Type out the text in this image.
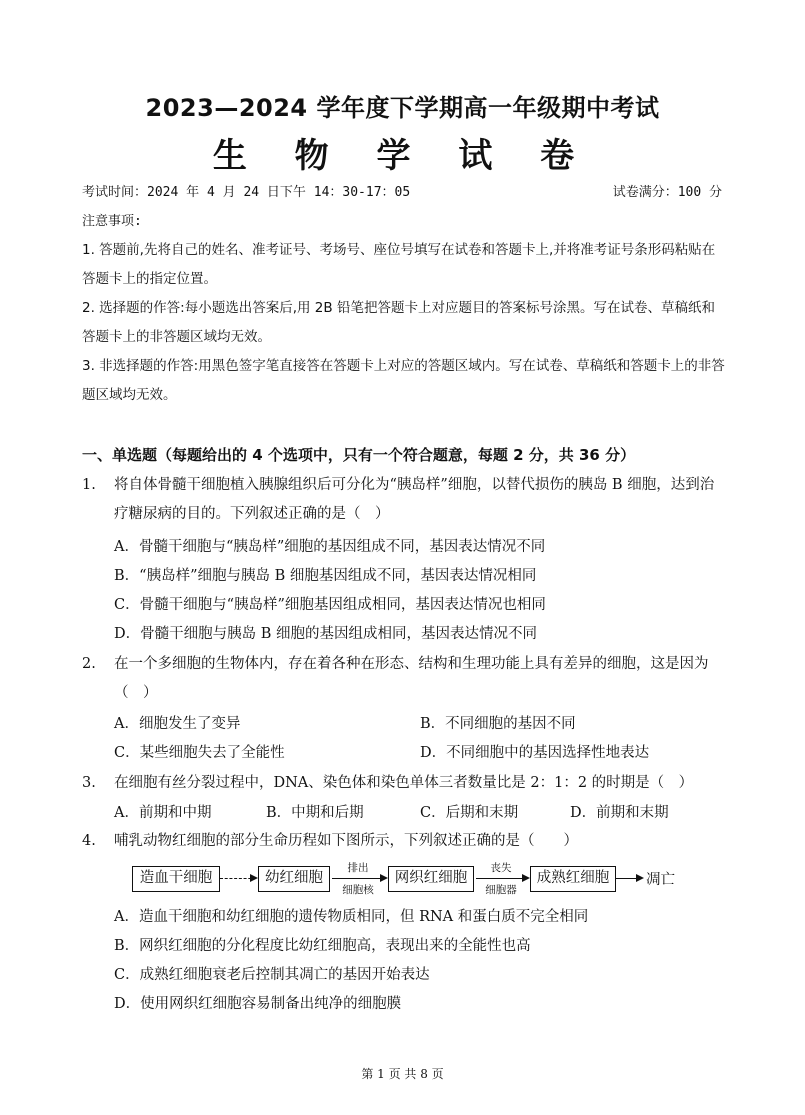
2023—2024 学年度下学期高一年级期中考试
生 物 学 试 卷
考试时间：2024 年 4 月 24 日下午 14：30-17：05	试卷满分：100 分
注意事项:
1. 答题前,先将自己的姓名、准考证号、考场号、座位号填写在试卷和答题卡上,并将准考证号条形码粘贴在答题卡上的指定位置。
2. 选择题的作答:每小题选出答案后,用 2B 铅笔把答题卡上对应题目的答案标号涂黑。写在试卷、草稿纸和答题卡上的非答题区域均无效。
3. 非选择题的作答:用黑色签字笔直接答在答题卡上对应的答题区域内。写在试卷、草稿纸和答题卡上的非答题区域均无效。
一、单选题（每题给出的 4 个选项中，只有一个符合题意，每题 2 分，共 36 分）
1.	将自体骨髓干细胞植入胰腺组织后可分化为“胰岛样”细胞，以替代损伤的胰岛 B 细胞，达到治疗糖尿病的目的。下列叙述正确的是（　）
A．骨髓干细胞与“胰岛样”细胞的基因组成不同，基因表达情况不同
B．“胰岛样”细胞与胰岛 B 细胞基因组成不同，基因表达情况相同
C．骨髓干细胞与“胰岛样”细胞基因组成相同，基因表达情况也相同
D．骨髓干细胞与胰岛 B 细胞的基因组成相同，基因表达情况不同
2.	在一个多细胞的生物体内，存在着各种在形态、结构和生理功能上具有差异的细胞，这是因为（　）
A．细胞发生了变异	B．不同细胞的基因不同
C．某些细胞失去了全能性	D．不同细胞中的基因选择性地表达
3.	在细胞有丝分裂过程中，DNA、染色体和染色单体三者数量比是 2：1：2 的时期是（　）
A．前期和中期	B．中期和后期	C．后期和末期	D．前期和末期
4.	哺乳动物红细胞的部分生命历程如下图所示，下列叙述正确的是（　　）
造血干细胞	幼红细胞
排出
细胞核
网织红细胞
丧失
细胞器
成熟红细胞	凋亡
A．造血干细胞和幼红细胞的遗传物质相同，但 RNA 和蛋白质不完全相同
B．网织红细胞的分化程度比幼红细胞高，表现出来的全能性也高
C．成熟红细胞衰老后控制其凋亡的基因开始表达
D．使用网织红细胞容易制备出纯净的细胞膜
第 1 页 共 8 页
